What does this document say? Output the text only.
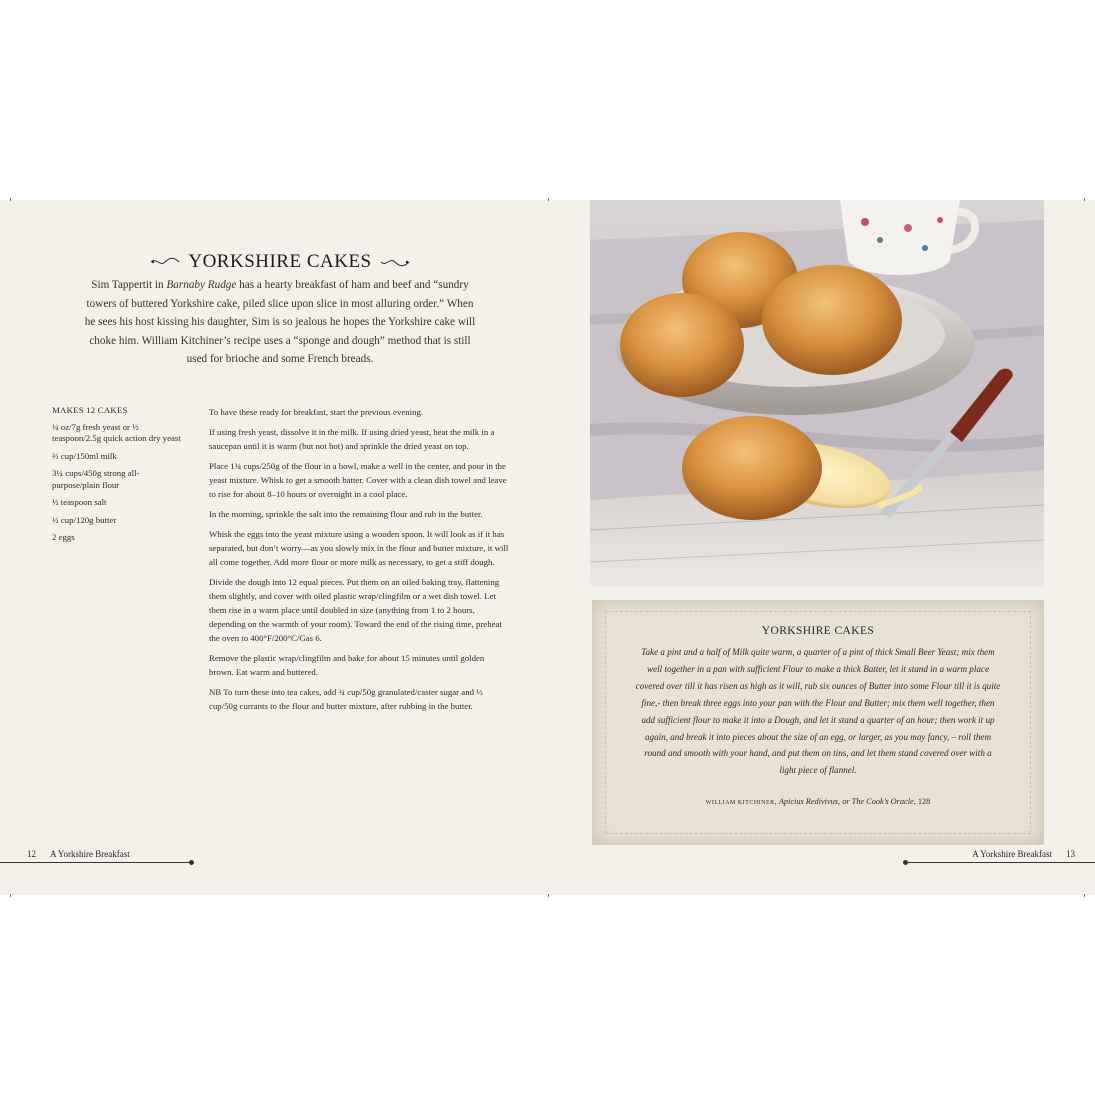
YORKSHIRE CAKES
Sim Tappertit in Barnaby Rudge has a hearty breakfast of ham and beef and “sundry towers of buttered Yorkshire cake, piled slice upon slice in most alluring order.” When he sees his host kissing his daughter, Sim is so jealous he hopes the Yorkshire cake will choke him. William Kitchiner’s recipe uses a “sponge and dough” method that is still used for brioche and some French breads.
MAKES 12 CAKES
¼ oz/7g fresh yeast or ½ teaspoon/2.5g quick action dry yeast
⅔ cup/150ml milk
3¼ cups/450g strong all-purpose/plain flour
½ teaspoon salt
½ cup/120g butter
2 eggs

To have these ready for breakfast, start the previous evening.

If using fresh yeast, dissolve it in the milk. If using dried yeast, heat the milk in a saucepan until it is warm (but not hot) and sprinkle the dried yeast on top.

Place 1¾ cups/250g of the flour in a bowl, make a well in the center, and pour in the yeast mixture. Whisk to get a smooth batter. Cover with a clean dish towel and leave to rise for about 8–10 hours or overnight in a cool place.

In the morning, sprinkle the salt into the remaining flour and rub in the butter.

Whisk the eggs into the yeast mixture using a wooden spoon. It will look as if it has separated, but don’t worry—as you slowly mix in the flour and butter mixture, it will all come together. Add more flour or more milk as necessary, to get a stiff dough.

Divide the dough into 12 equal pieces. Put them on an oiled baking tray, flattening them slightly, and cover with oiled plastic wrap/clingfilm or a wet dish towel. Let them rise in a warm place until doubled in size (anything from 1 to 2 hours, depending on the warmth of your room). Toward the end of the rising time, preheat the oven to 400°F/200°C/Gas 6.

Remove the plastic wrap/clingfilm and bake for about 15 minutes until golden brown. Eat warm and buttered.

NB To turn these into tea cakes, add ¾ cup/50g granulated/caster sugar and ⅓ cup/50g currants to the flour and butter mixture, after rubbing in the butter.

12 A Yorkshire Breakfast
YORKSHIRE CAKES
Take a pint and a half of Milk quite warm, a quarter of a pint of thick Small Beer Yeast; mix them well together in a pan with sufficient Flour to make a thick Batter, let it stand in a warm place covered over till it has risen as high as it will, rub six ounces of Butter into some Flour till it is quite fine,- then break three eggs into your pan with the Flour and Butter; mix them well together, then add sufficient flour to make it into a Dough, and let it stand a quarter of an hour; then work it up again, and break it into pieces about the size of an egg, or larger, as you may fancy, – roll them round and smooth with your hand, and put them on tins, and let them stand covered over with a light piece of flannel.
WILLIAM KITCHINER, Apicius Redivivus, or The Cook’s Oracle, 128
A Yorkshire Breakfast 13
